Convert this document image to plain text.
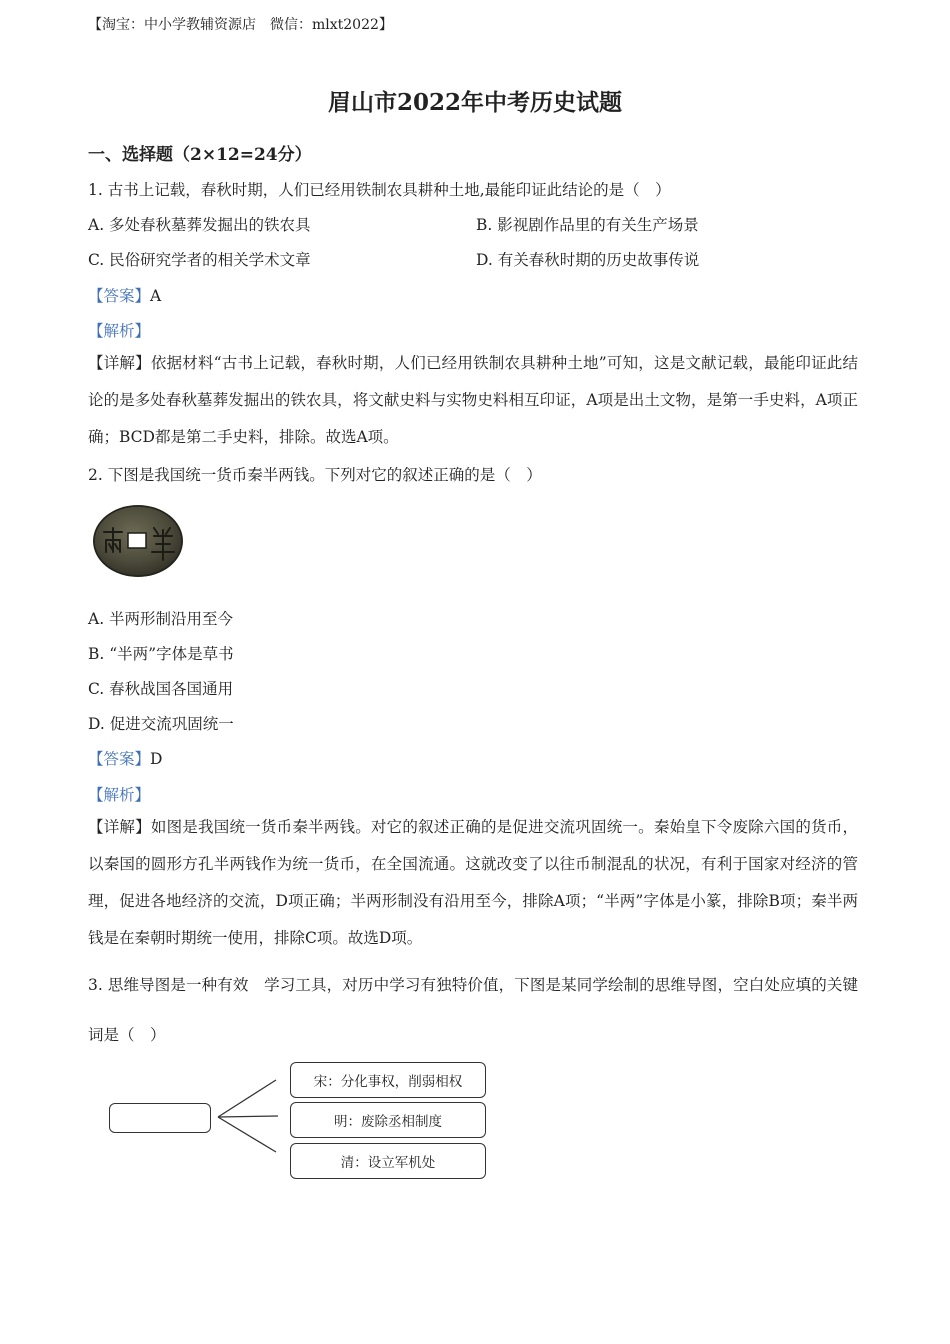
【淘宝：中小学教辅资源店　微信：mlxt2022】
眉山市2022年中考历史试题
一、选择题（2×12=24分）
1. 古书上记载，春秋时期，人们已经用铁制农具耕种土地,最能印证此结论的是（　）
A. 多处春秋墓葬发掘出的铁农具	B. 影视剧作品里的有关生产场景
C. 民俗研究学者的相关学术文章	D. 有关春秋时期的历史故事传说
【答案】A
【解析】
【详解】依据材料“古书上记载，春秋时期，人们已经用铁制农具耕种土地”可知，这是文献记载，最能印证此结论的是多处春秋墓葬发掘出的铁农具，将文献史料与实物史料相互印证，A项是出土文物，是第一手史料，A项正确；BCD都是第二手史料，排除。故选A项。
2. 下图是我国统一货币秦半两钱。下列对它的叙述正确的是（　）
A. 半两形制沿用至今
B. “半两”字体是草书
C. 春秋战国各国通用
D. 促进交流巩固统一
【答案】D
【解析】
【详解】如图是我国统一货币秦半两钱。对它的叙述正确的是促进交流巩固统一。秦始皇下令废除六国的货币，以秦国的圆形方孔半两钱作为统一货币，在全国流通。这就改变了以往币制混乱的状况，有利于国家对经济的管理，促进各地经济的交流，D项正确；半两形制没有沿用至今，排除A项；“半两”字体是小篆，排除B项；秦半两钱是在秦朝时期统一使用，排除C项。故选D项。
3. 思维导图是一种有效　学习工具，对历中学习有独特价值，下图是某同学绘制的思维导图，空白处应填的关键词是（　）
宋：分化事权，削弱相权
明：废除丞相制度
清：设立军机处
